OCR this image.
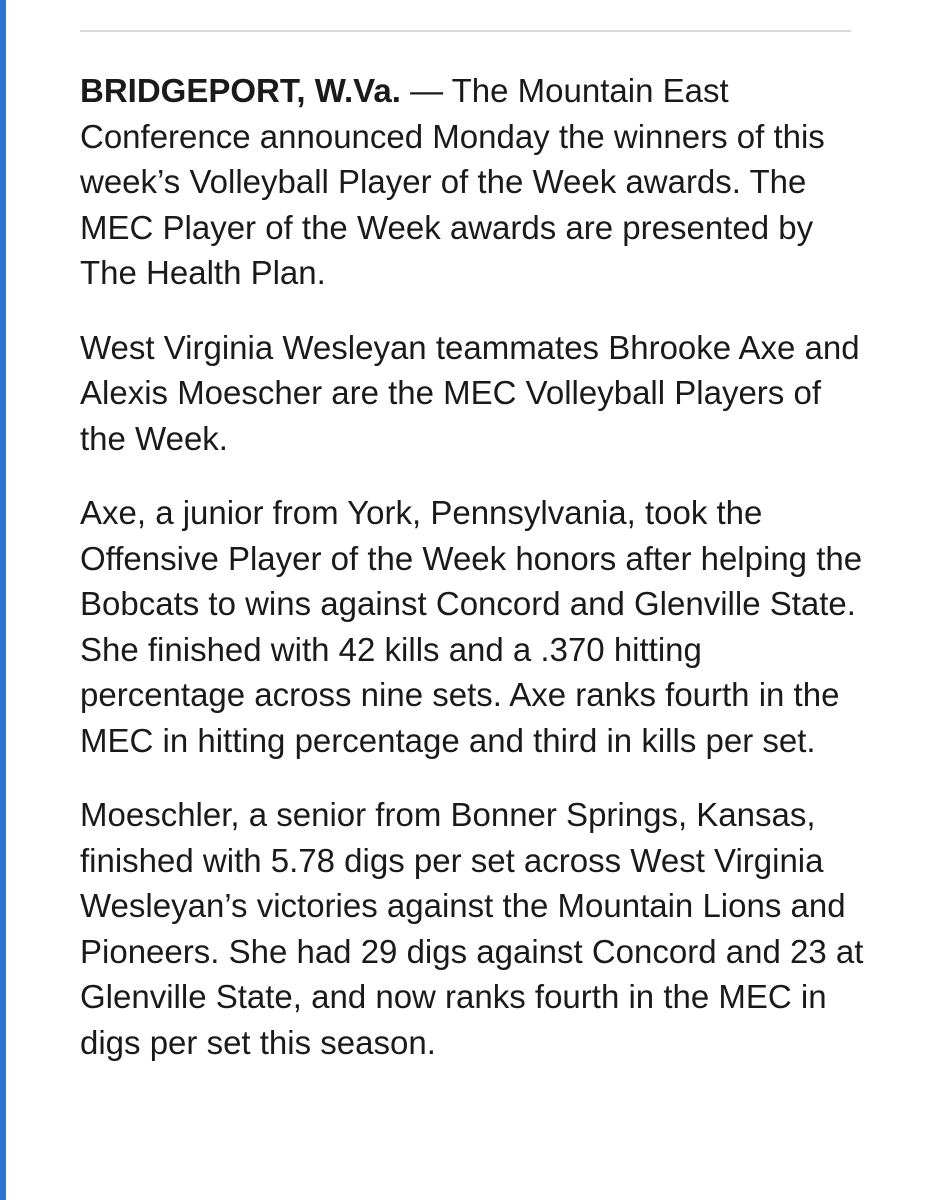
BRIDGEPORT, W.Va. — The Mountain East Conference announced Monday the winners of this week’s Volleyball Player of the Week awards. The MEC Player of the Week awards are presented by The Health Plan.

West Virginia Wesleyan teammates Bhrooke Axe and Alexis Moescher are the MEC Volleyball Players of the Week.

Axe, a junior from York, Pennsylvania, took the Offensive Player of the Week honors after helping the Bobcats to wins against Concord and Glenville State. She finished with 42 kills and a .370 hitting percentage across nine sets. Axe ranks fourth in the MEC in hitting percentage and third in kills per set.

Moeschler, a senior from Bonner Springs, Kansas, finished with 5.78 digs per set across West Virginia Wesleyan’s victories against the Mountain Lions and Pioneers. She had 29 digs against Concord and 23 at Glenville State, and now ranks fourth in the MEC in digs per set this season.
